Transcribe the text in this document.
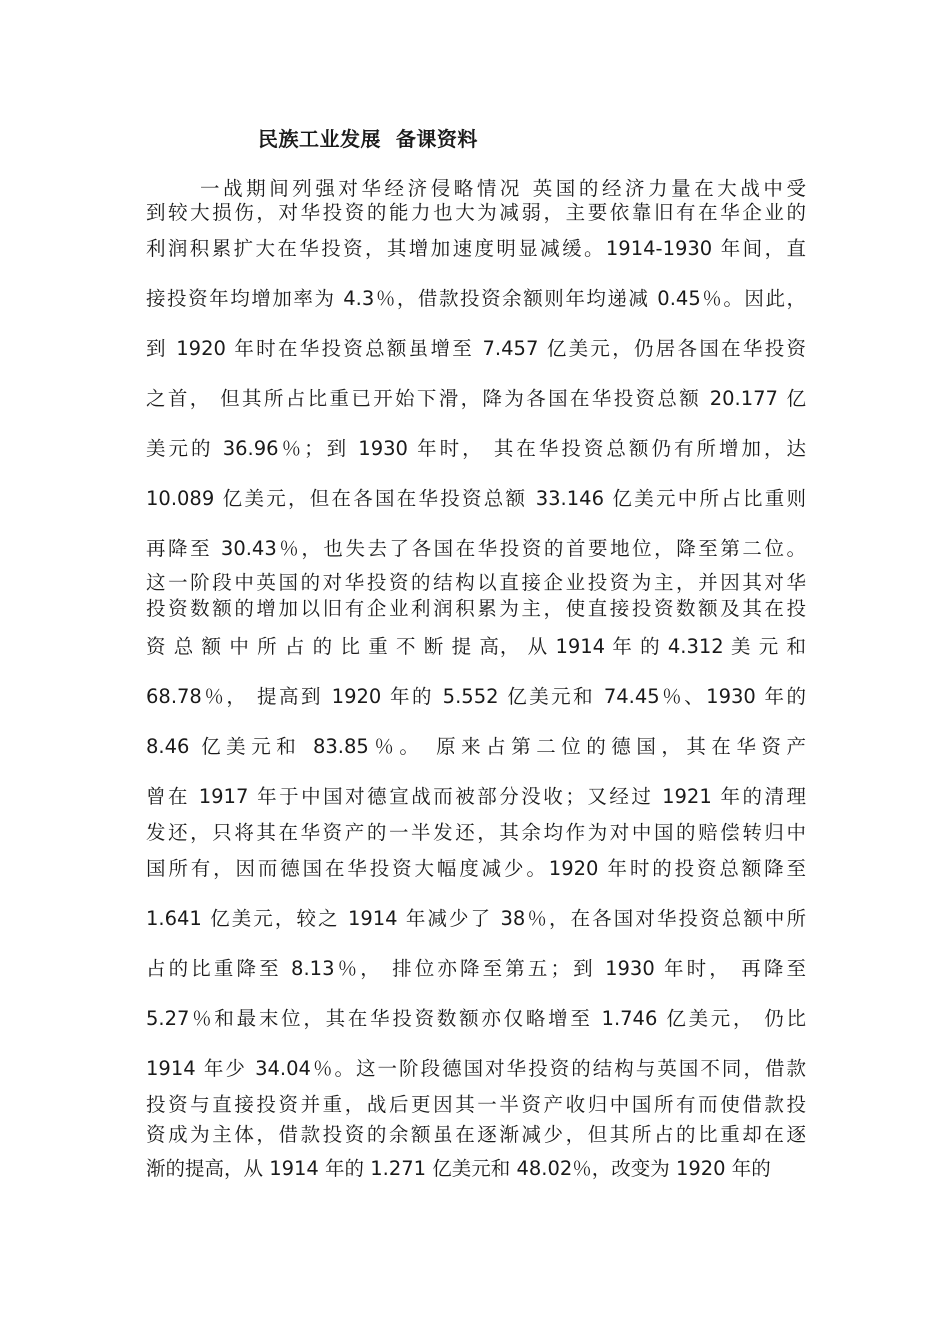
民族工业发展  备课资料
一战期间列强对华经济侵略情况 英国的经济力量在大战中受
到较大损伤，对华投资的能力也大为减弱，主要依靠旧有在华企业的
利润积累扩大在华投资，其增加速度明显减缓。1914-1930 年间，直
接投资年均增加率为 4.3％，借款投资余额则年均递减 0.45％。因此，
到 1920 年时在华投资总额虽增至 7.457 亿美元，仍居各国在华投资
之首， 但其所占比重已开始下滑，降为各国在华投资总额 20.177 亿
美元的 36.96％；到 1930 年时， 其在华投资总额仍有所增加，达
10.089 亿美元，但在各国在华投资总额 33.146 亿美元中所占比重则
再降至 30.43％，也失去了各国在华投资的首要地位，降至第二位。
这一阶段中英国的对华投资的结构以直接企业投资为主，并因其对华
投资数额的增加以旧有企业利润积累为主，使直接投资数额及其在投
资 总 额 中 所 占 的 比 重 不 断 提 高， 从 1914 年 的 4.312 美 元 和
68.78％， 提高到 1920 年的 5.552 亿美元和 74.45％、1930 年的
8.46 亿美元和 83.85％。 原来占第二位的德国，其在华资产
曾在 1917 年于中国对德宣战而被部分没收；又经过 1921 年的清理
发还，只将其在华资产的一半发还，其余均作为对中国的赔偿转归中
国所有，因而德国在华投资大幅度减少。1920 年时的投资总额降至
1.641 亿美元，较之 1914 年减少了 38％，在各国对华投资总额中所
占的比重降至 8.13％， 排位亦降至第五；到 1930 年时， 再降至
5.27％和最末位，其在华投资数额亦仅略增至 1.746 亿美元， 仍比
1914 年少 34.04％。这一阶段德国对华投资的结构与英国不同，借款
投资与直接投资并重，战后更因其一半资产收归中国所有而使借款投
资成为主体，借款投资的余额虽在逐渐减少，但其所占的比重却在逐
渐的提高，从 1914 年的 1.271 亿美元和 48.02％，改变为 1920 年的
